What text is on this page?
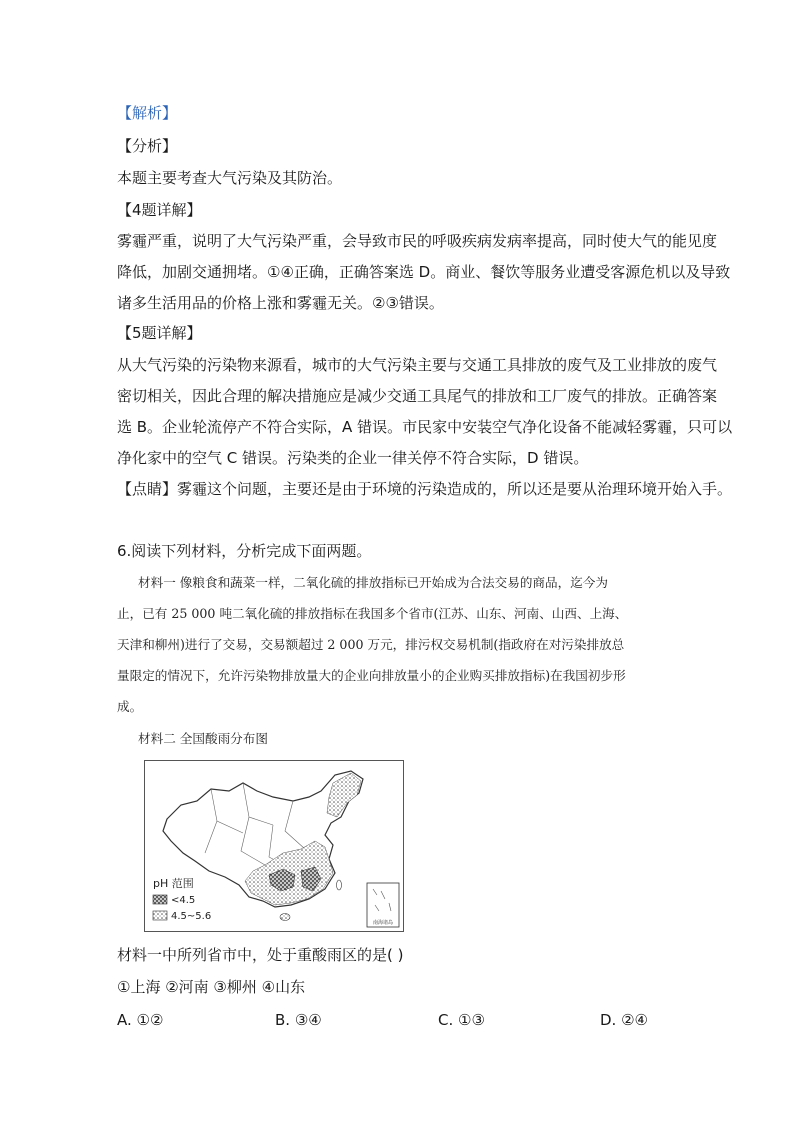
【解析】
【分析】
本题主要考查大气污染及其防治。
【4题详解】
雾霾严重，说明了大气污染严重，会导致市民的呼吸疾病发病率提高，同时使大气的能见度
降低，加剧交通拥堵。①④正确，正确答案选 D。商业、餐饮等服务业遭受客源危机以及导致
诸多生活用品的价格上涨和雾霾无关。②③错误。
【5题详解】
从大气污染的污染物来源看，城市的大气污染主要与交通工具排放的废气及工业排放的废气
密切相关，因此合理的解决措施应是减少交通工具尾气的排放和工厂废气的排放。正确答案
选 B。企业轮流停产不符合实际，A 错误。市民家中安装空气净化设备不能减轻雾霾，只可以
净化家中的空气 C 错误。污染类的企业一律关停不符合实际，D 错误。
【点睛】雾霾这个问题，主要还是由于环境的污染造成的，所以还是要从治理环境开始入手。
6.阅读下列材料，分析完成下面两题。
材料一 像粮食和蔬菜一样，二氧化硫的排放指标已开始成为合法交易的商品，迄今为
止，已有 25 000 吨二氧化硫的排放指标在我国多个省市(江苏、山东、河南、山西、上海、
天津和柳州)进行了交易，交易额超过 2 000 万元，排污权交易机制(指政府在对污染排放总
量限定的情况下，允许污染物排放量大的企业向排放量小的企业购买排放指标)在我国初步形
成。
材料二 全国酸雨分布图
南海诸岛
pH 范围
<4.5
4.5~5.6
材料一中所列省市中，处于重酸雨区的是( )
①上海 ②河南 ③柳州 ④山东
A. ①②	B. ③④	C. ①③	D. ②④
